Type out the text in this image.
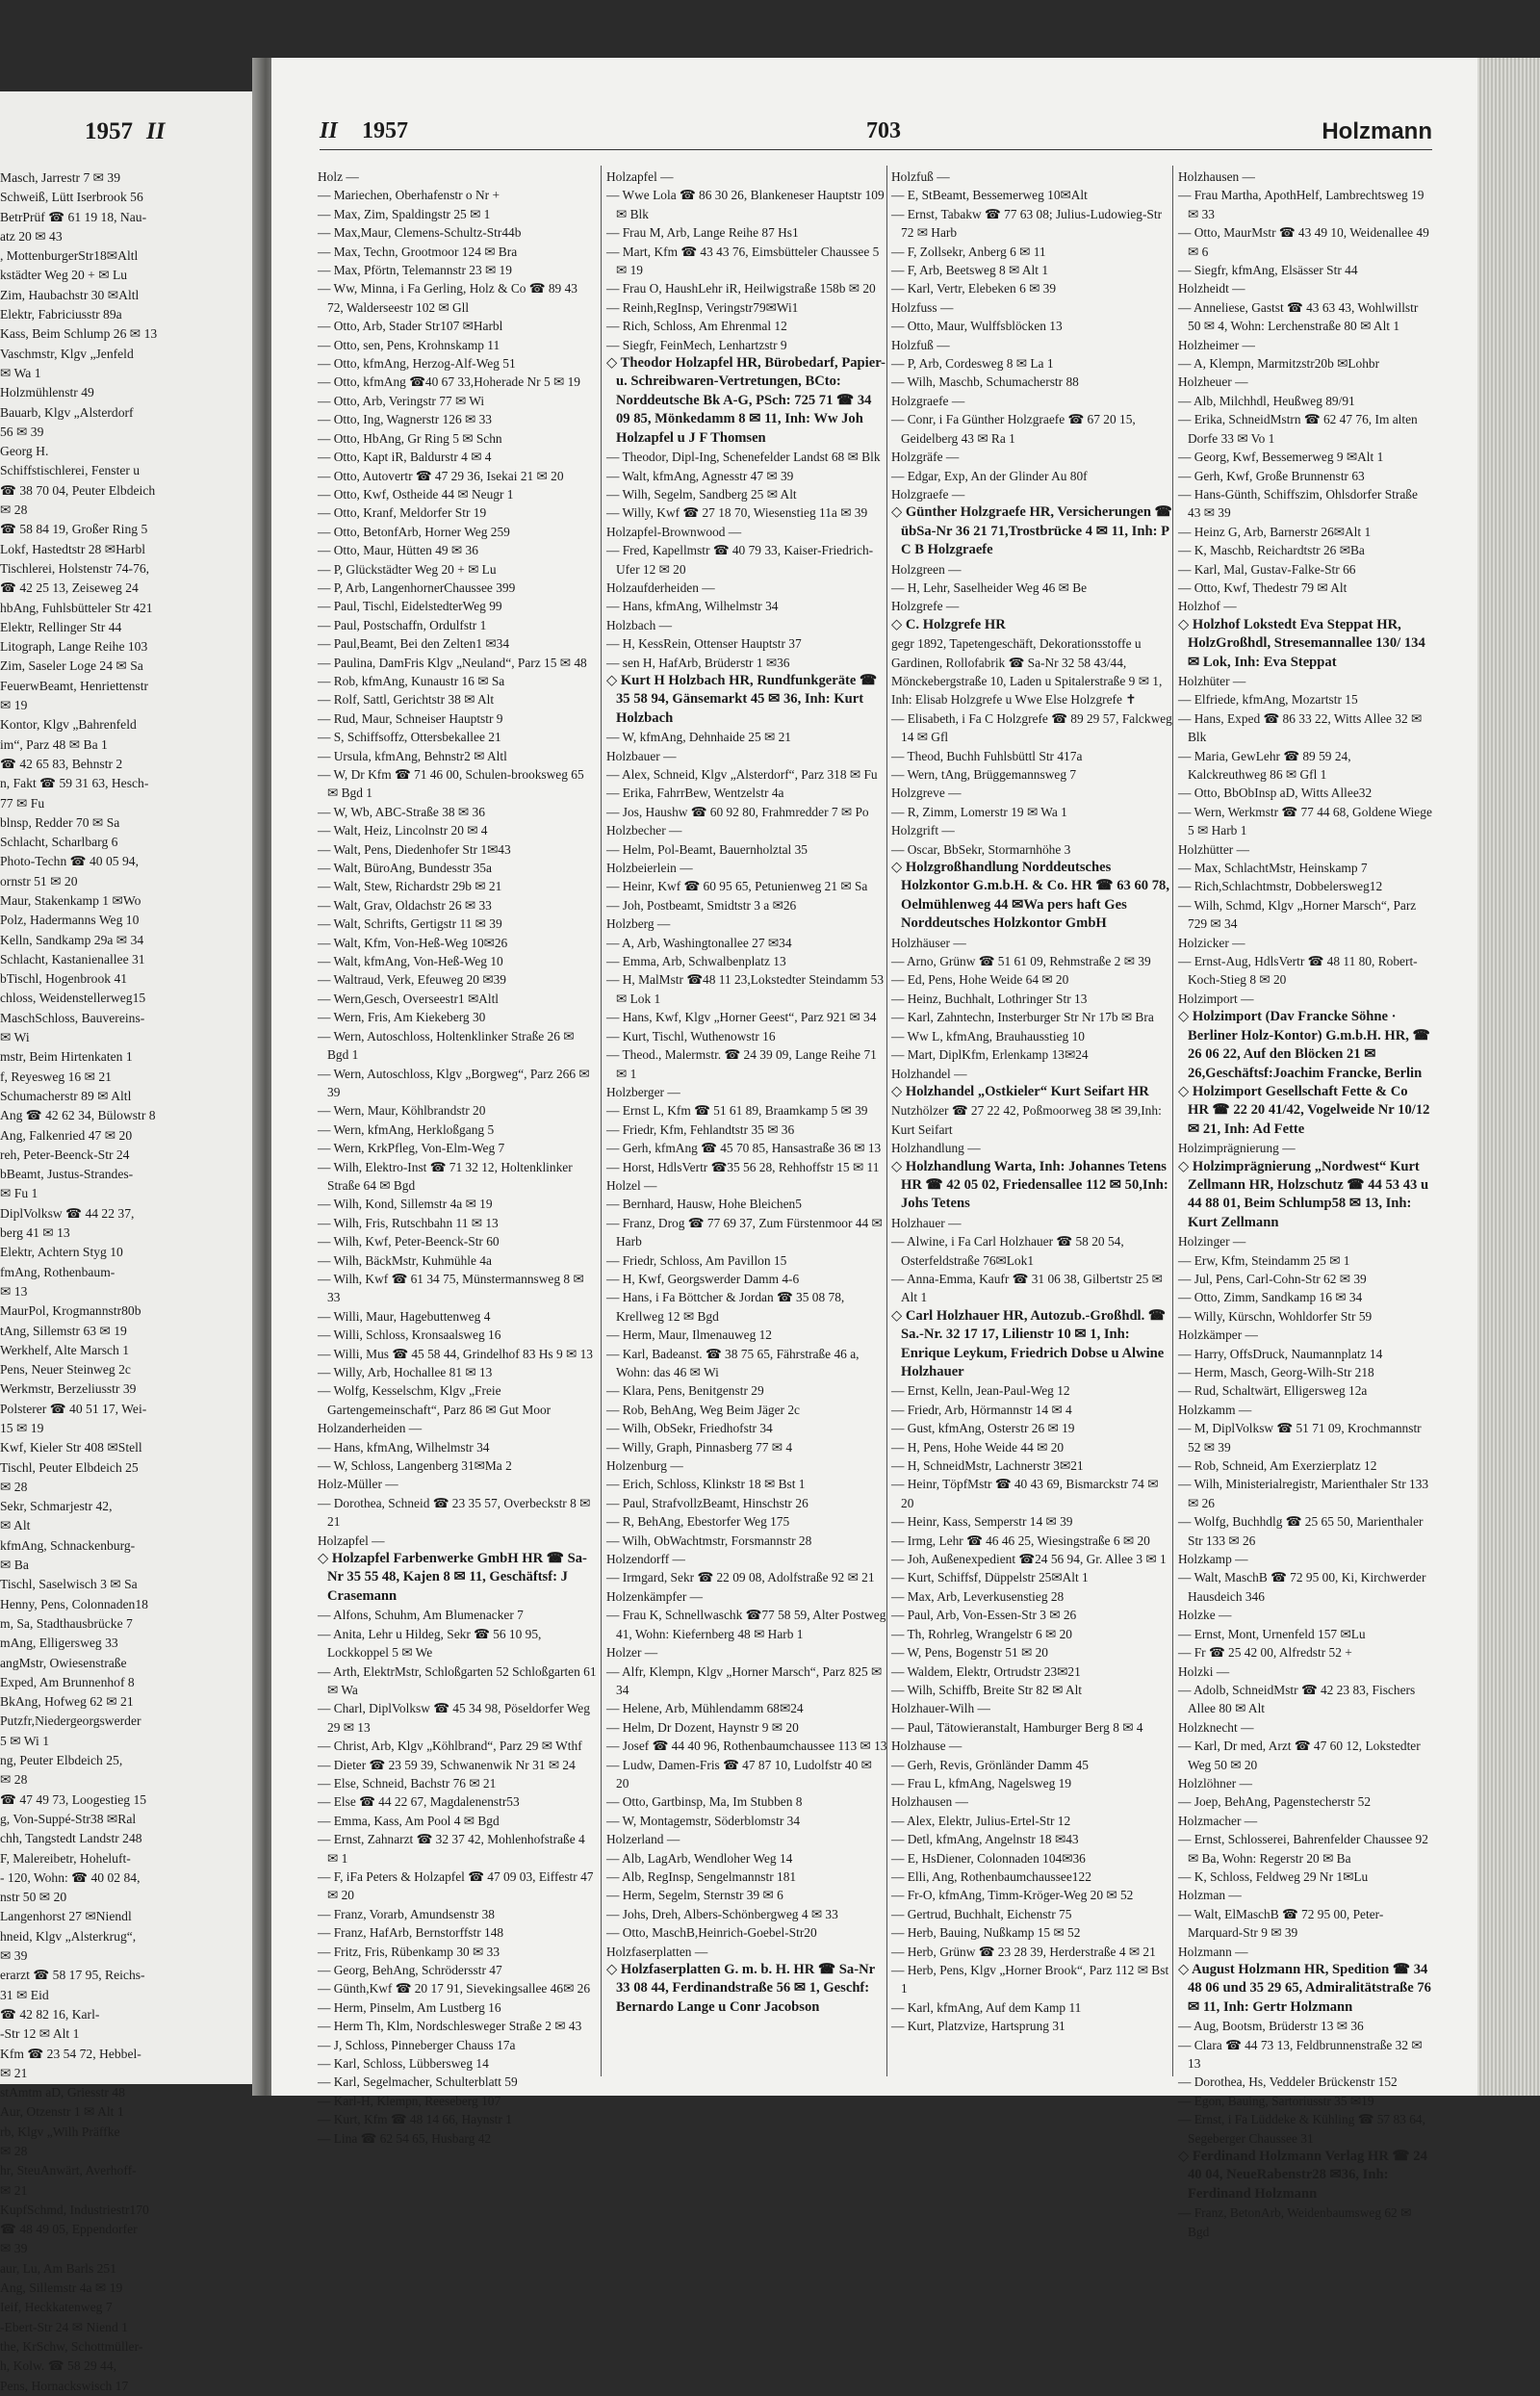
1957 II
Masch, Jarrestr 7 ✉ 39
Schweiß, Lütt Iserbrook 56
BetrPrüf ☎ 61 19 18, Nau-
atz 20 ✉ 43
, MottenburgerStr18✉Altl
kstädter Weg 20 + ✉ Lu
Zim, Haubachstr 30 ✉Altl
Elektr, Fabriciusstr 89a
Kass, Beim Schlump 26 ✉ 13
Vaschmstr, Klgv „Jenfeld
✉ Wa 1
Holzmühlenstr 49
Bauarb, Klgv „Alsterdorf
56 ✉ 39
Georg H.
Schiffstischlerei, Fenster u
☎ 38 70 04, Peuter Elbdeich
✉ 28
☎ 58 84 19, Großer Ring 5
Lokf, Hastedtstr 28 ✉Harbl
Tischlerei, Holstenstr 74-76,
☎ 42 25 13, Zeiseweg 24
hbAng, Fuhlsbütteler Str 421
Elektr, Rellinger Str 44
Litograph, Lange Reihe 103
Zim, Saseler Loge 24 ✉ Sa
FeuerwBeamt, Henriettenstr
✉ 19
Kontor, Klgv „Bahrenfeld
im“, Parz 48 ✉ Ba 1
☎ 42 65 83, Behnstr 2
n, Fakt ☎ 59 31 63, Hesch-
77 ✉ Fu
blnsp, Redder 70 ✉ Sa
Schlacht, Scharlbarg 6
Photo-Techn ☎ 40 05 94,
ornstr 51 ✉ 20
Maur, Stakenkamp 1 ✉Wo
Polz, Hadermanns Weg 10
Kelln, Sandkamp 29a ✉ 34
Schlacht, Kastanienallee 31
bTischl, Hogenbrook 41
chloss, Weidenstellerweg15
MaschSchloss, Bauvereins-
✉ Wi
mstr, Beim Hirtenkaten 1
f, Reyesweg 16 ✉ 21
Schumacherstr 89 ✉ Altl
Ang ☎ 42 62 34, Bülowstr 8
Ang, Falkenried 47 ✉ 20
reh, Peter-Beenck-Str 24
bBeamt, Justus-Strandes-
✉ Fu 1
DiplVolksw ☎ 44 22 37,
berg 41 ✉ 13
Elektr, Achtern Styg 10
fmAng, Rothenbaum-
✉ 13
MaurPol, Krogmannstr80b
tAng, Sillemstr 63 ✉ 19
Werkhelf, Alte Marsch 1
Pens, Neuer Steinweg 2c
Werkmstr, Berzeliusstr 39
Polsterer ☎ 40 51 17, Wei-
15 ✉ 19
Kwf, Kieler Str 408 ✉Stell
Tischl, Peuter Elbdeich 25
✉ 28
Sekr, Schmarjestr 42,
✉ Alt
kfmAng, Schnackenburg-
✉ Ba
Tischl, Saselwisch 3 ✉ Sa
Henny, Pens, Colonnaden18
m, Sa, Stadthausbrücke 7
mAng, Elligersweg 33
angMstr, Owiesenstraße
Exped, Am Brunnenhof 8
BkAng, Hofweg 62 ✉ 21
Putzfr,Niedergeorgswerder
5 ✉ Wi 1
ng, Peuter Elbdeich 25,
✉ 28
☎ 47 49 73, Loogestieg 15
g, Von-Suppé-Str38 ✉Ral
chh, Tangstedt Landstr 248
F, Malereibetr, Hoheluft-
- 120, Wohn: ☎ 40 02 84,
nstr 50 ✉ 20
Langenhorst 27 ✉Niendl
hneid, Klgv „Alsterkrug“,
✉ 39
erarzt ☎ 58 17 95, Reichs-
31 ✉ Eid
☎ 42 82 16, Karl-
-Str 12 ✉ Alt 1
Kfm ☎ 23 54 72, Hebbel-
✉ 21
stAmtm aD, Griesstr 48
Aur, Otzenstr 1 ✉ Alt 1
rb, Klgv „Wilh Präffke
✉ 28
hr, SteuAnwärt, Averhoff-
✉ 21
KupfSchmd, Industriestr170
☎ 48 49 05, Eppendorfer
✉ 39
aur, Lu, Am Barls 251
Ang, Sillemstr 4a ✉ 19
Ieif, Heckkatenweg 7
-Ebert-Str 24 ✉ Niend 1
the, KrSchw, Schottmüller-
h, Kolw. ☎ 58 29 44,
Pens, Hornackswisch 17
II 1957	703	Holzmann
Holz —
— Mariechen, Oberhafenstr o Nr +
— Max, Zim, Spaldingstr 25 ✉ 1
— Max,Maur, Clemens-Schultz-Str44b
— Max, Techn, Grootmoor 124 ✉ Bra
— Max, Pförtn, Telemannstr 23 ✉ 19
— Ww, Minna, i Fa Gerling, Holz & Co ☎ 89 43 72, Walderseestr 102 ✉ Gll
— Otto, Arb, Stader Str107 ✉Harbl
— Otto, sen, Pens, Krohnskamp 11
— Otto, kfmAng, Herzog-Alf-Weg 51
— Otto, kfmAng ☎40 67 33,Hoherade Nr 5 ✉ 19
— Otto, Arb, Veringstr 77 ✉ Wi
— Otto, Ing, Wagnerstr 126 ✉ 33
— Otto, HbAng, Gr Ring 5 ✉ Schn
— Otto, Kapt iR, Baldurstr 4 ✉ 4
— Otto, Autovertr ☎ 47 29 36, Isekai 21 ✉ 20
— Otto, Kwf, Ostheide 44 ✉ Neugr 1
— Otto, Kranf, Meldorfer Str 19
— Otto, BetonfArb, Horner Weg 259
— Otto, Maur, Hütten 49 ✉ 36
— P, Glückstädter Weg 20 + ✉ Lu
— P, Arb, LangenhornerChaussee 399
— Paul, Tischl, EidelstedterWeg 99
— Paul, Postschaffn, Ordulfstr 1
— Paul,Beamt, Bei den Zelten1 ✉34
— Paulina, DamFris Klgv „Neuland“, Parz 15 ✉ 48
— Rob, kfmAng, Kunaustr 16 ✉ Sa
— Rolf, Sattl, Gerichtstr 38 ✉ Alt
— Rud, Maur, Schneiser Hauptstr 9
— S, Schiffsoffz, Ottersbekallee 21
— Ursula, kfmAng, Behnstr2 ✉ Altl
— W, Dr Kfm ☎ 71 46 00, Schulen-brooksweg 65 ✉ Bgd 1
— W, Wb, ABC-Straße 38 ✉ 36
— Walt, Heiz, Lincolnstr 20 ✉ 4
— Walt, Pens, Diedenhofer Str 1✉43
— Walt, BüroAng, Bundesstr 35a
— Walt, Stew, Richardstr 29b ✉ 21
— Walt, Grav, Oldachstr 26 ✉ 33
— Walt, Schrifts, Gertigstr 11 ✉ 39
— Walt, Kfm, Von-Heß-Weg 10✉26
— Walt, kfmAng, Von-Heß-Weg 10
— Waltraud, Verk, Efeuweg 20 ✉39
— Wern,Gesch, Overseestr1 ✉Altl
— Wern, Fris, Am Kiekeberg 30
— Wern, Autoschloss, Holtenklinker Straße 26 ✉ Bgd 1
— Wern, Autoschloss, Klgv „Borgweg“, Parz 266 ✉ 39
— Wern, Maur, Köhlbrandstr 20
— Wern, kfmAng, Herkloßgang 5
— Wern, KrkPfleg, Von-Elm-Weg 7
— Wilh, Elektro-Inst ☎ 71 32 12, Holtenklinker Straße 64 ✉ Bgd
— Wilh, Kond, Sillemstr 4a ✉ 19
— Wilh, Fris, Rutschbahn 11 ✉ 13
— Wilh, Kwf, Peter-Beenck-Str 60
— Wilh, BäckMstr, Kuhmühle 4a
— Wilh, Kwf ☎ 61 34 75, Münstermannsweg 8 ✉ 33
— Willi, Maur, Hagebuttenweg 4
— Willi, Schloss, Kronsaalsweg 16
— Willi, Mus ☎ 45 58 44, Grindelhof 83 Hs 9 ✉ 13
— Willy, Arb, Hochallee 81 ✉ 13
— Wolfg, Kesselschm, Klgv „Freie Gartengemeinschaft“, Parz 86 ✉ Gut Moor
Holzanderheiden —
— Hans, kfmAng, Wilhelmstr 34
— W, Schloss, Langenberg 31✉Ma 2
Holz-Müller —
— Dorothea, Schneid ☎ 23 35 57, Overbeckstr 8 ✉ 21
Holzapfel —
◇ Holzapfel Farbenwerke GmbH HR ☎ Sa-Nr 35 55 48, Kajen 8 ✉ 11, Geschäftsf: J Crasemann
— Alfons, Schuhm, Am Blumenacker 7
— Anita, Lehr u Hildeg, Sekr ☎ 56 10 95, Lockkoppel 5 ✉ We
— Arth, ElektrMstr, Schloßgarten 52 Schloßgarten 61 ✉ Wa
— Charl, DiplVolksw ☎ 45 34 98, Pöseldorfer Weg 29 ✉ 13
— Christ, Arb, Klgv „Köhlbrand“, Parz 29 ✉ Wthf
— Dieter ☎ 23 59 39, Schwanenwik Nr 31 ✉ 24
— Else, Schneid, Bachstr 76 ✉ 21
— Else ☎ 44 22 67, Magdalenenstr53
— Emma, Kass, Am Pool 4 ✉ Bgd
— Ernst, Zahnarzt ☎ 32 37 42, Mohlenhofstraße 4 ✉ 1
— F, iFa Peters & Holzapfel ☎ 47 09 03, Eiffestr 47 ✉ 20
— Franz, Vorarb, Amundsenstr 38
— Franz, HafArb, Bernstorffstr 148
— Fritz, Fris, Rübenkamp 30 ✉ 33
— Georg, BehAng, Schrödersstr 47
— Günth,Kwf ☎ 20 17 91, Sievekingsallee 46✉ 26
— Herm, Pinselm, Am Lustberg 16
— Herm Th, Klm, Nordschlesweger Straße 2 ✉ 43
— J, Schloss, Pinneberger Chauss 17a
— Karl, Schloss, Lübbersweg 14
— Karl, Segelmacher, Schulterblatt 59
— Karl-H, Klempn, Reeseberg 107
— Kurt, Kfm ☎ 48 14 66, Haynstr 1
— Lina ☎ 62 54 65, Husbarg 42
Holzapfel —
— Wwe Lola ☎ 86 30 26, Blankeneser Hauptstr 109 ✉ Blk
— Frau M, Arb, Lange Reihe 87 Hs1
— Mart, Kfm ☎ 43 43 76, Eimsbütteler Chaussee 5 ✉ 19
— Frau O, HaushLehr iR, Heilwigstraße 158b ✉ 20
— Reinh,RegInsp, Veringstr79✉Wi1
— Rich, Schloss, Am Ehrenmal 12
— Siegfr, FeinMech, Lenhartzstr 9
◇ Theodor Holzapfel HR, Bürobedarf, Papier- u. Schreibwaren-Vertretungen, BCto: Norddeutsche Bk A-G, PSch: 725 71 ☎ 34 09 85, Mönkedamm 8 ✉ 11, Inh: Ww Joh Holzapfel u J F Thomsen
— Theodor, Dipl-Ing, Schenefelder Landst 68 ✉ Blk
— Walt, kfmAng, Agnesstr 47 ✉ 39
— Wilh, Segelm, Sandberg 25 ✉ Alt
— Willy, Kwf ☎ 27 18 70, Wiesenstieg 11a ✉ 39
Holzapfel-Brownwood —
— Fred, Kapellmstr ☎ 40 79 33, Kaiser-Friedrich-Ufer 12 ✉ 20
Holzaufderheiden —
— Hans, kfmAng, Wilhelmstr 34
Holzbach —
— H, KessRein, Ottenser Hauptstr 37
— sen H, HafArb, Brüderstr 1 ✉36
◇ Kurt H Holzbach HR, Rundfunkgeräte ☎ 35 58 94, Gänsemarkt 45 ✉ 36, Inh: Kurt Holzbach
— W, kfmAng, Dehnhaide 25 ✉ 21
Holzbauer —
— Alex, Schneid, Klgv „Alsterdorf“, Parz 318 ✉ Fu
— Erika, FahrrBew, Wentzelstr 4a
— Jos, Haushw ☎ 60 92 80, Frahmredder 7 ✉ Po
Holzbecher —
— Helm, Pol-Beamt, Bauernholztal 35
Holzbeierlein —
— Heinr, Kwf ☎ 60 95 65, Petunienweg 21 ✉ Sa
— Joh, Postbeamt, Smidtstr 3 a ✉26
Holzberg —
— A, Arb, Washingtonallee 27 ✉34
— Emma, Arb, Schwalbenplatz 13
— H, MalMstr ☎48 11 23,Lokstedter Steindamm 53 ✉ Lok 1
— Hans, Kwf, Klgv „Horner Geest“, Parz 921 ✉ 34
— Kurt, Tischl, Wuthenowstr 16
— Theod., Malermstr. ☎ 24 39 09, Lange Reihe 71 ✉ 1
Holzberger —
— Ernst L, Kfm ☎ 51 61 89, Braamkamp 5 ✉ 39
— Friedr, Kfm, Fehlandtstr 35 ✉ 36
— Gerh, kfmAng ☎ 45 70 85, Hansastraße 36 ✉ 13
— Horst, HdlsVertr ☎35 56 28, Rehhoffstr 15 ✉ 11
Holzel —
— Bernhard, Hausw, Hohe Bleichen5
— Franz, Drog ☎ 77 69 37, Zum Fürstenmoor 44 ✉ Harb
— Friedr, Schloss, Am Pavillon 15
— H, Kwf, Georgswerder Damm 4-6
— Hans, i Fa Böttcher & Jordan ☎ 35 08 78, Krellweg 12 ✉ Bgd
— Herm, Maur, Ilmenauweg 12
— Karl, Badeanst. ☎ 38 75 65, Fährstraße 46 a, Wohn: das 46 ✉ Wi
— Klara, Pens, Benitgenstr 29
— Rob, BehAng, Weg Beim Jäger 2c
— Wilh, ObSekr, Friedhofstr 34
— Willy, Graph, Pinnasberg 77 ✉ 4
Holzenburg —
— Erich, Schloss, Klinkstr 18 ✉ Bst 1
— Paul, StrafvollzBeamt, Hinschstr 26
— R, BehAng, Ebestorfer Weg 175
— Wilh, ObWachtmstr, Forsmannstr 28
Holzendorff —
— Irmgard, Sekr ☎ 22 09 08, Adolfstraße 92 ✉ 21
Holzenkämpfer —
— Frau K, Schnellwaschk ☎77 58 59, Alter Postweg 41, Wohn: Kiefernberg 48 ✉ Harb 1
Holzer —
— Alfr, Klempn, Klgv „Horner Marsch“, Parz 825 ✉ 34
— Helene, Arb, Mühlendamm 68✉24
— Helm, Dr Dozent, Haynstr 9 ✉ 20
— Josef ☎ 44 40 96, Rothenbaumchaussee 113 ✉ 13
— Ludw, Damen-Fris ☎ 47 87 10, Ludolfstr 40 ✉ 20
— Otto, Gartbinsp, Ma, Im Stubben 8
— W, Montagemstr, Söderblomstr 34
Holzerland —
— Alb, LagArb, Wendloher Weg 14
— Alb, RegInsp, Sengelmannstr 181
— Herm, Segelm, Sternstr 39 ✉ 6
— Johs, Dreh, Albers-Schönbergweg 4 ✉ 33
— Otto, MaschB,Heinrich-Goebel-Str20
Holzfaserplatten —
◇ Holzfaserplatten G. m. b. H. HR ☎ Sa-Nr 33 08 44, Ferdinandstraße 56 ✉ 1, Geschf: Bernardo Lange u Conr Jacobson
Holzfuß —
— E, StBeamt, Bessemerweg 10✉Alt
— Ernst, Tabakw ☎ 77 63 08; Julius-Ludowieg-Str 72 ✉ Harb
— F, Zollsekr, Anberg 6 ✉ 11
— F, Arb, Beetsweg 8 ✉ Alt 1
— Karl, Vertr, Elebeken 6 ✉ 39
Holzfuss —
— Otto, Maur, Wulffsblöcken 13
Holzfuß —
— P, Arb, Cordesweg 8 ✉ La 1
— Wilh, Maschb, Schumacherstr 88
Holzgraefe —
— Conr, i Fa Günther Holzgraefe ☎ 67 20 15, Geidelberg 43 ✉ Ra 1
Holzgräfe —
— Edgar, Exp, An der Glinder Au 80f
Holzgraefe —
◇ Günther Holzgraefe HR, Versicherungen ☎ übSa-Nr 36 21 71,Trostbrücke 4 ✉ 11, Inh: P C B Holzgraefe
Holzgreen —
— H, Lehr, Saselheider Weg 46 ✉ Be
Holzgrefe —
◇ C. Holzgrefe HR
gegr 1892, Tapetengeschäft, Dekorationsstoffe u Gardinen, Rollofabrik ☎ Sa-Nr 32 58 43/44, Mönckebergstraße 10, Laden u Spitalerstraße 9 ✉ 1, Inh: Elisab Holzgrefe u Wwe Else Holzgrefe ✝
— Elisabeth, i Fa C Holzgrefe ☎ 89 29 57, Falckweg 14 ✉ Gfl
— Theod, Buchh Fuhlsbüttl Str 417a
— Wern, tAng, Brüggemannsweg 7
Holzgreve —
— R, Zimm, Lomerstr 19 ✉ Wa 1
Holzgrift —
— Oscar, BbSekr, Stormarnhöhe 3
◇ Holzgroßhandlung Norddeutsches Holzkontor G.m.b.H. & Co. HR ☎ 63 60 78, Oelmühlenweg 44 ✉Wa pers haft Ges Norddeutsches Holzkontor GmbH
Holzhäuser —
— Arno, Grünw ☎ 51 61 09, Rehmstraße 2 ✉ 39
— Ed, Pens, Hohe Weide 64 ✉ 20
— Heinz, Buchhalt, Lothringer Str 13
— Karl, Zahntechn, Insterburger Str Nr 17b ✉ Bra
— Ww L, kfmAng, Brauhausstieg 10
— Mart, DiplKfm, Erlenkamp 13✉24
Holzhandel —
◇ Holzhandel „Ostkieler“ Kurt Seifart HR
Nutzhölzer ☎ 27 22 42, Poßmoorweg 38 ✉ 39,Inh: Kurt Seifart
Holzhandlung —
◇ Holzhandlung Warta, Inh: Johannes Tetens HR ☎ 42 05 02, Friedensallee 112 ✉ 50,Inh: Johs Tetens
Holzhauer —
— Alwine, i Fa Carl Holzhauer ☎ 58 20 54, Osterfeldstraße 76✉Lok1
— Anna-Emma, Kaufr ☎ 31 06 38, Gilbertstr 25 ✉ Alt 1
◇ Carl Holzhauer HR, Autozub.-Großhdl. ☎ Sa.-Nr. 32 17 17, Lilienstr 10 ✉ 1, Inh: Enrique Leykum, Friedrich Dobse u Alwine Holzhauer
— Ernst, Kelln, Jean-Paul-Weg 12
— Friedr, Arb, Hörmannstr 14 ✉ 4
— Gust, kfmAng, Osterstr 26 ✉ 19
— H, Pens, Hohe Weide 44 ✉ 20
— H, SchneidMstr, Lachnerstr 3✉21
— Heinr, TöpfMstr ☎ 40 43 69, Bismarckstr 74 ✉ 20
— Heinr, Kass, Semperstr 14 ✉ 39
— Irmg, Lehr ☎ 46 46 25, Wiesingstraße 6 ✉ 20
— Joh, Außenexpedient ☎24 56 94, Gr. Allee 3 ✉ 1
— Kurt, Schiffsf, Düppelstr 25✉Alt 1
— Max, Arb, Leverkusenstieg 28
— Paul, Arb, Von-Essen-Str 3 ✉ 26
— Th, Rohrleg, Wrangelstr 6 ✉ 20
— W, Pens, Bogenstr 51 ✉ 20
— Waldem, Elektr, Ortrudstr 23✉21
— Wilh, Schiffb, Breite Str 82 ✉ Alt
Holzhauer-Wilh —
— Paul, Tätowieranstalt, Hamburger Berg 8 ✉ 4
Holzhause —
— Gerh, Revis, Grönländer Damm 45
— Frau L, kfmAng, Nagelsweg 19
Holzhausen —
— Alex, Elektr, Julius-Ertel-Str 12
— Detl, kfmAng, Angelnstr 18 ✉43
— E, HsDiener, Colonnaden 104✉36
— Elli, Ang, Rothenbaumchaussee122
— Fr-O, kfmAng, Timm-Kröger-Weg 20 ✉ 52
— Gertrud, Buchhalt, Eichenstr 75
— Herb, Bauing, Nußkamp 15 ✉ 52
— Herb, Grünw ☎ 23 28 39, Herderstraße 4 ✉ 21
— Herb, Pens, Klgv „Horner Brook“, Parz 112 ✉ Bst 1
— Karl, kfmAng, Auf dem Kamp 11
— Kurt, Platzvize, Hartsprung 31
Holzhausen —
— Frau Martha, ApothHelf, Lambrechtsweg 19 ✉ 33
— Otto, MaurMstr ☎ 43 49 10, Weidenallee 49 ✉ 6
— Siegfr, kfmAng, Elsässer Str 44
Holzheidt —
— Anneliese, Gastst ☎ 43 63 43, Wohlwillstr 50 ✉ 4, Wohn: Lerchenstraße 80 ✉ Alt 1
Holzheimer —
— A, Klempn, Marmitzstr20b ✉Lohbr
Holzheuer —
— Alb, Milchhdl, Heußweg 89/91
— Erika, SchneidMstrn ☎ 62 47 76, Im alten Dorfe 33 ✉ Vo 1
— Georg, Kwf, Bessemerweg 9 ✉Alt 1
— Gerh, Kwf, Große Brunnenstr 63
— Hans-Günth, Schiffszim, Ohlsdorfer Straße 43 ✉ 39
— Heinz G, Arb, Barnerstr 26✉Alt 1
— K, Maschb, Reichardtstr 26 ✉Ba
— Karl, Mal, Gustav-Falke-Str 66
— Otto, Kwf, Thedestr 79 ✉ Alt
Holzhof —
◇ Holzhof Lokstedt Eva Steppat HR, HolzGroßhdl, Stresemannallee 130/ 134 ✉ Lok, Inh: Eva Steppat
Holzhüter —
— Elfriede, kfmAng, Mozartstr 15
— Hans, Exped ☎ 86 33 22, Witts Allee 32 ✉ Blk
— Maria, GewLehr ☎ 89 59 24, Kalckreuthweg 86 ✉ Gfl 1
— Otto, BbObInsp aD, Witts Allee32
— Wern, Werkmstr ☎ 77 44 68, Goldene Wiege 5 ✉ Harb 1
Holzhütter —
— Max, SchlachtMstr, Heinskamp 7
— Rich,Schlachtmstr, Dobbelersweg12
— Wilh, Schmd, Klgv „Horner Marsch“, Parz 729 ✉ 34
Holzicker —
— Ernst-Aug, HdlsVertr ☎ 48 11 80, Robert-Koch-Stieg 8 ✉ 20
Holzimport —
◇ Holzimport (Dav Francke Söhne · Berliner Holz-Kontor) G.m.b.H. HR, ☎ 26 06 22, Auf den Blöcken 21 ✉ 26,Geschäftsf:Joachim Francke, Berlin
◇ Holzimport Gesellschaft Fette & Co HR ☎ 22 20 41/42, Vogelweide Nr 10/12 ✉ 21, Inh: Ad Fette
Holzimprägnierung —
◇ Holzimprägnierung „Nordwest“ Kurt Zellmann HR, Holzschutz ☎ 44 53 43 u 44 88 01, Beim Schlump58 ✉ 13, Inh: Kurt Zellmann
Holzinger —
— Erw, Kfm, Steindamm 25 ✉ 1
— Jul, Pens, Carl-Cohn-Str 62 ✉ 39
— Otto, Zimm, Sandkamp 16 ✉ 34
— Willy, Kürschn, Wohldorfer Str 59
Holzkämper —
— Harry, OffsDruck, Naumannplatz 14
— Herm, Masch, Georg-Wilh-Str 218
— Rud, Schaltwärt, Elligersweg 12a
Holzkamm —
— M, DiplVolksw ☎ 51 71 09, Krochmannstr 52 ✉ 39
— Rob, Schneid, Am Exerzierplatz 12
— Wilh, Ministerialregistr, Marienthaler Str 133 ✉ 26
— Wolfg, Buchhdlg ☎ 25 65 50, Marienthaler Str 133 ✉ 26
Holzkamp —
— Walt, MaschB ☎ 72 95 00, Ki, Kirchwerder Hausdeich 346
Holzke —
— Ernst, Mont, Urnenfeld 157 ✉Lu
— Fr ☎ 25 42 00, Alfredstr 52 +
Holzki —
— Adolb, SchneidMstr ☎ 42 23 83, Fischers Allee 80 ✉ Alt
Holzknecht —
— Karl, Dr med, Arzt ☎ 47 60 12, Lokstedter Weg 50 ✉ 20
Holzlöhner —
— Joep, BehAng, Pagenstecherstr 52
Holzmacher —
— Ernst, Schlosserei, Bahrenfelder Chaussee 92 ✉ Ba, Wohn: Regerstr 20 ✉ Ba
— K, Schloss, Feldweg 29 Nr 1✉Lu
Holzman —
— Walt, ElMaschB ☎ 72 95 00, Peter-Marquard-Str 9 ✉ 39
Holzmann —
◇ August Holzmann HR, Spedition ☎ 34 48 06 und 35 29 65, Admiralitätstraße 76 ✉ 11, Inh: Gertr Holzmann
— Aug, Bootsm, Brüderstr 13 ✉ 36
— Clara ☎ 44 73 13, Feldbrunnenstraße 32 ✉ 13
— Dorothea, Hs, Veddeler Brückenstr 152
— Egon, Bauing, Sartoriusstr 35 ✉19
— Ernst, i Fa Lüddeke & Kühling ☎ 57 83 64, Segeberger Chaussee 31
◇ Ferdinand Holzmann Verlag HR ☎ 24 40 04, NeueRabenstr28 ✉36, Inh: Ferdinand Holzmann
— Franz, BetonArb, Weidenbaumsweg 62 ✉ Bgd
